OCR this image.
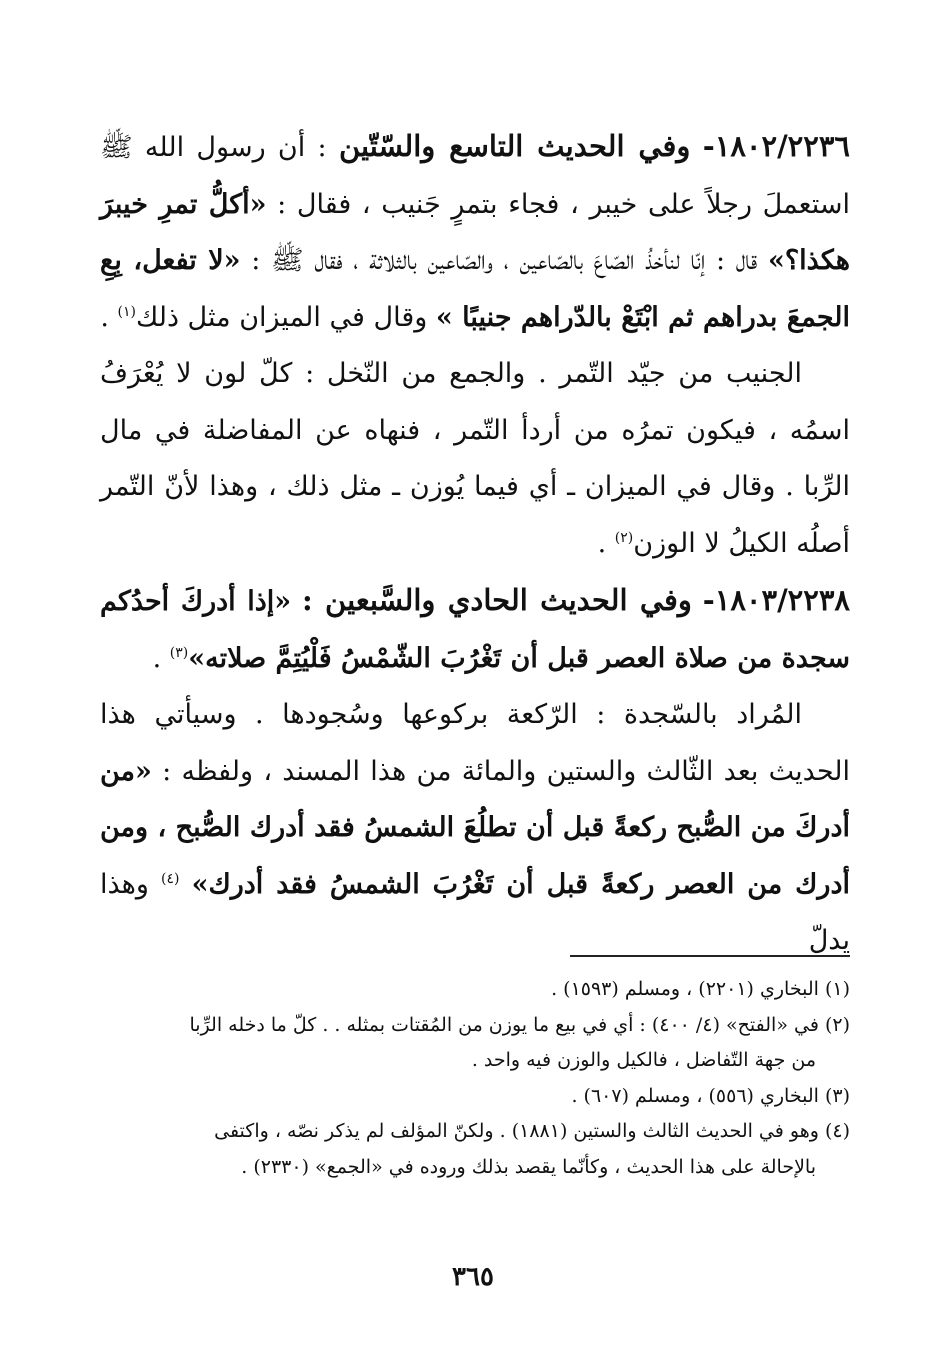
١٨٠٢/٢٢٣٦- وفي الحديث التاسع والسّتّين : أن رسول الله ﷺ استعملَ رجلاً على خيبر ، فجاء بتمرٍ جَنيب ، فقال : «أكلُّ تمرِ خيبرَ هكذا؟» قال : إنّا لنأخذُ الصّاعَ بالصّاعين ، والصّاعين بالثلاثة ، فقال ﷺ : «لا تفعل، بِعِ الجمعَ بدراهم ثم ابْتَعْ بالدّراهم جنيبًا » وقال في الميزان مثل ذلك$^{(١)}$ .

الجنيب من جيّد التّمر . والجمع من النّخل : كلّ لون لا يُعْرَفُ اسمُه ، فيكون تمرُه من أردأ التّمر ، فنهاه عن المفاضلة في مال الرِّبا . وقال في الميزان ـ أي فيما يُوزن ـ مثل ذلك ، وهذا لأنّ التّمر أصلُه الكيلُ لا الوزن$^{(٢)}$ .

١٨٠٣/٢٢٣٨- وفي الحديث الحادي والسَّبعين : «إذا أدركَ أحدُكم سجدة من صلاة العصر قبل أن تَغْرُبَ الشّمْسُ فَلْيُتِمَّ صلاته»$^{(٣)}$ .

المُراد بالسّجدة : الرّكعة بركوعها وسُجودها . وسيأتي هذا الحديث بعد الثّالث والستين والمائة من هذا المسند ، ولفظه : «من أدركَ من الصُّبح ركعةً قبل أن تطلُعَ الشمسُ فقد أدرك الصُّبح ، ومن أدرك من العصر ركعةً قبل أن تَغْرُبَ الشمسُ فقد أدرك» $^{(٤)}$ وهذا يدلّ

(١) البخاري (٢٢٠١) ، ومسلم (١٥٩٣) .

(٢) في «الفتح» (٤/ ٤٠٠) : أي في بيع ما يوزن من المُقتات بمثله . . كلّ ما دخله الرِّبا

من جهة التّفاضل ، فالكيل والوزن فيه واحد .

(٣) البخاري (٥٥٦) ، ومسلم (٦٠٧) .

(٤) وهو في الحديث الثالث والستين (١٨٨١) . ولكنّ المؤلف لم يذكر نصّه ، واكتفى

بالإحالة على هذا الحديث ، وكأنّما يقصد بذلك وروده في «الجمع» (٢٣٣٠) .

٣٦٥
